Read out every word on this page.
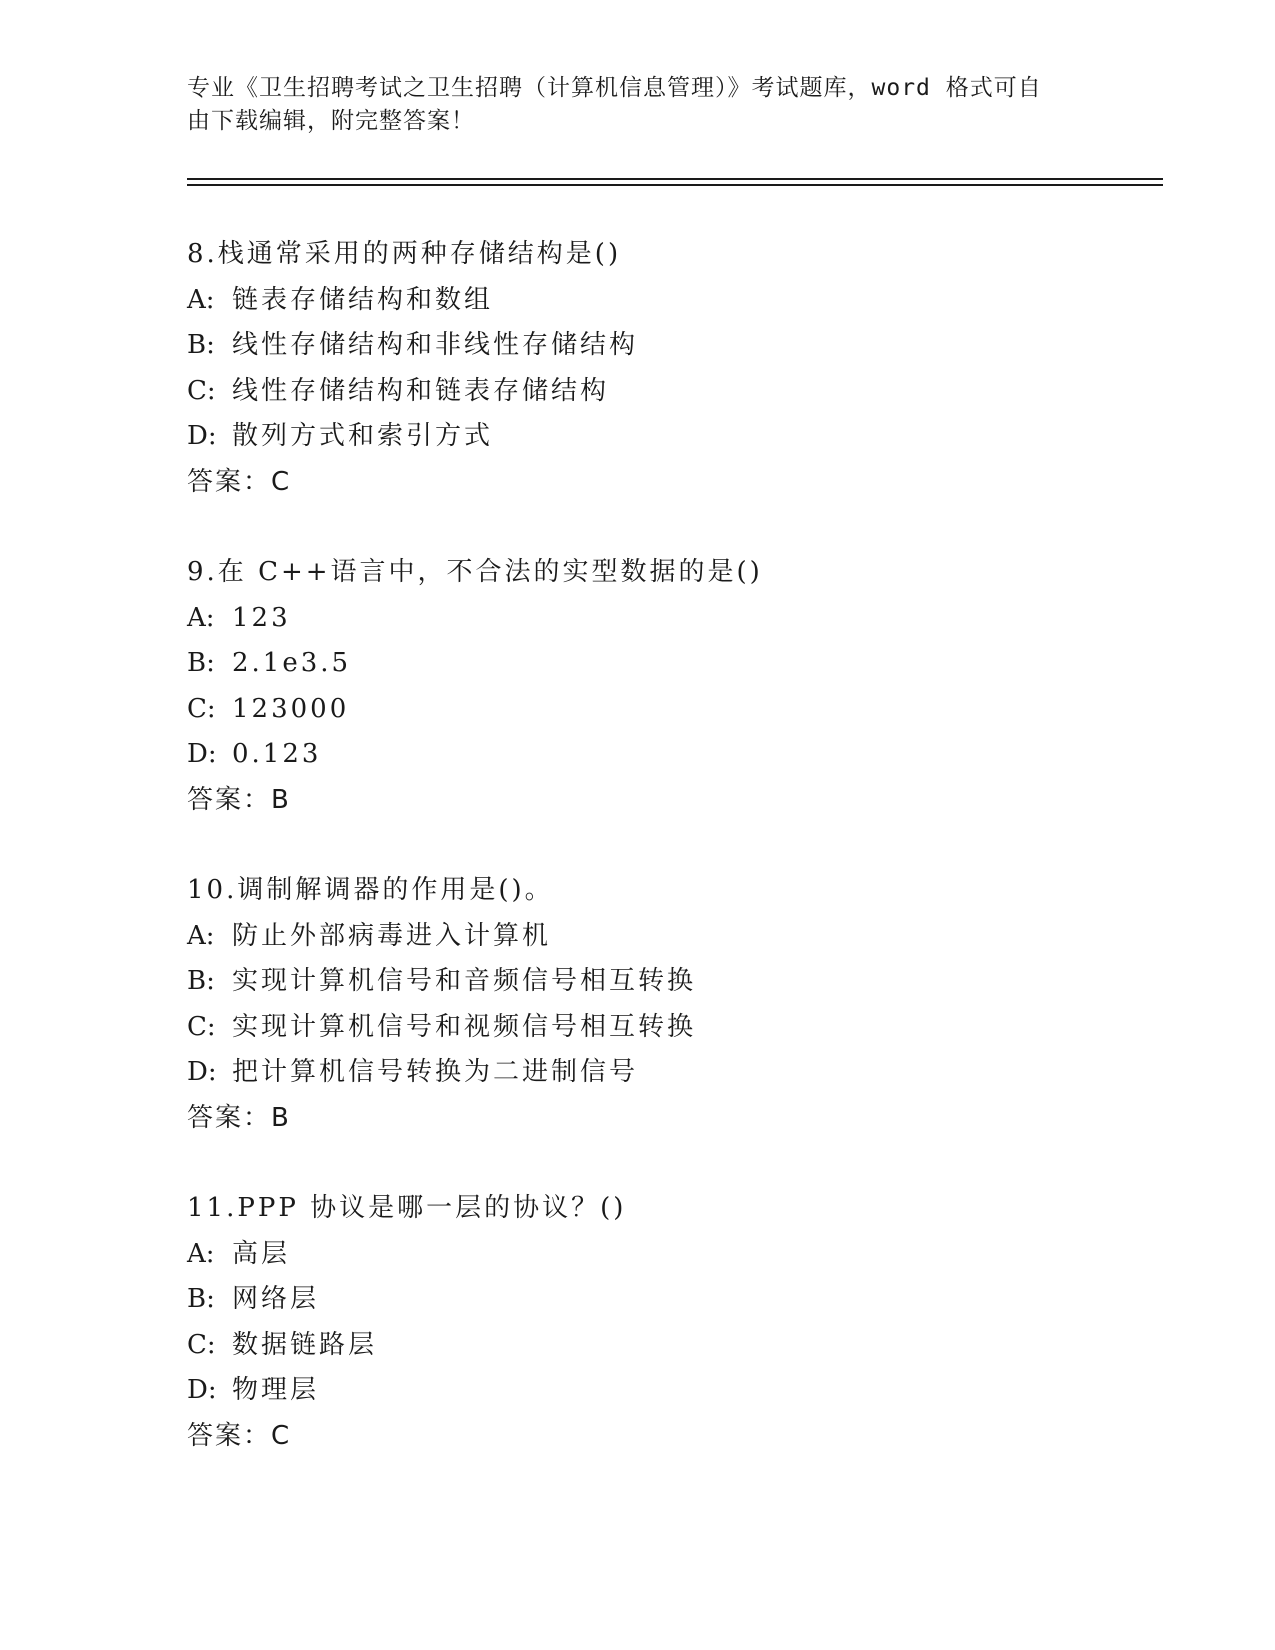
专业《卫生招聘考试之卫生招聘（计算机信息管理）》考试题库，word 格式可自
由下载编辑，附完整答案！
8.栈通常采用的两种存储结构是()
A: 链表存储结构和数组
B: 线性存储结构和非线性存储结构
C: 线性存储结构和链表存储结构
D: 散列方式和索引方式
答案：C
9.在 C++语言中，不合法的实型数据的是()
A: 123
B: 2.1e3.5
C: 123000
D: 0.123
答案：B
10.调制解调器的作用是()。
A: 防止外部病毒进入计算机
B: 实现计算机信号和音频信号相互转换
C: 实现计算机信号和视频信号相互转换
D: 把计算机信号转换为二进制信号
答案：B
11.PPP 协议是哪一层的协议？()
A: 高层
B: 网络层
C: 数据链路层
D: 物理层
答案：C
